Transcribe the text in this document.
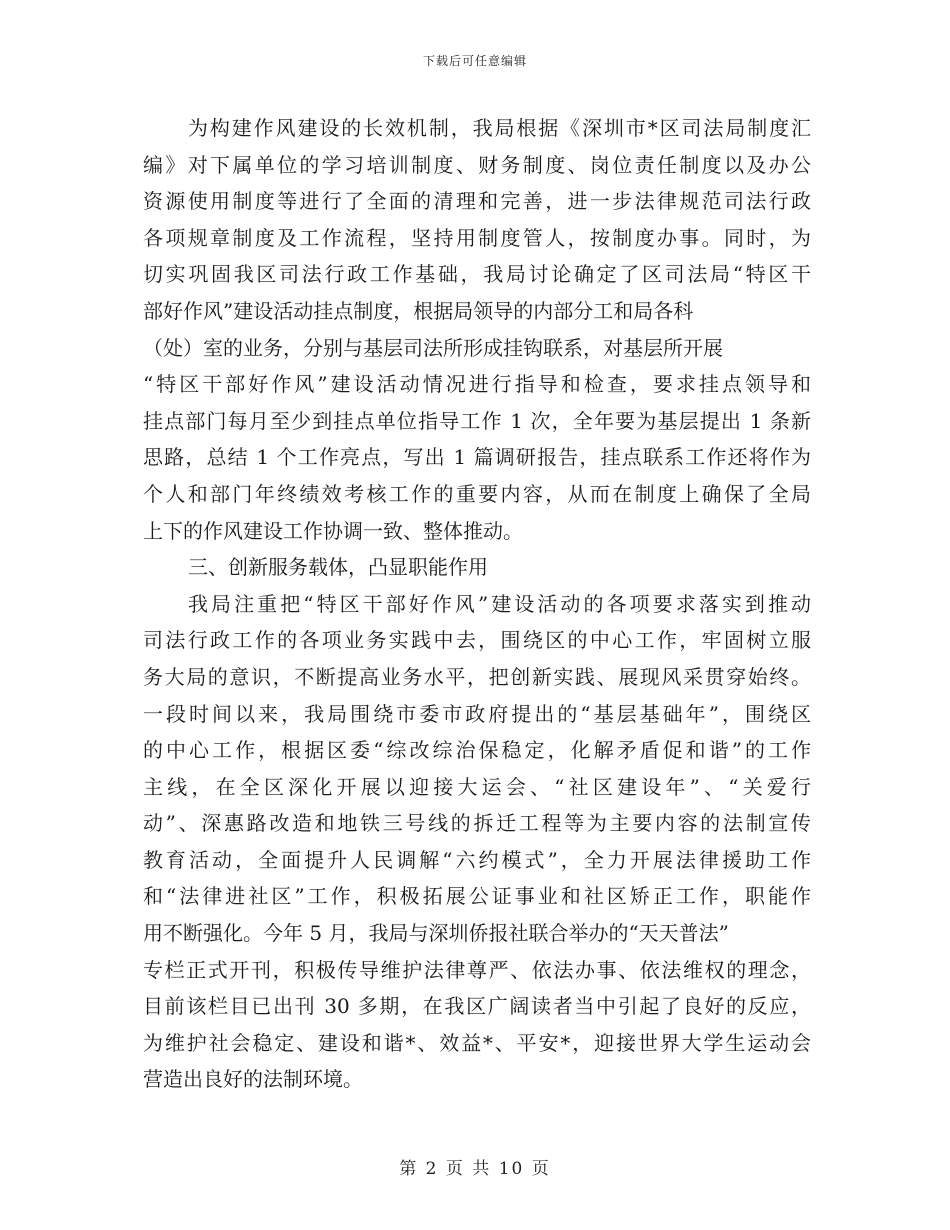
下载后可任意编辑
为构建作风建设的长效机制，我局根据《深圳市*区司法局制度汇
编》对下属单位的学习培训制度、财务制度、岗位责任制度以及办公
资源使用制度等进行了全面的清理和完善，进一步法律规范司法行政
各项规章制度及工作流程，坚持用制度管人，按制度办事。同时，为
切实巩固我区司法行政工作基础，我局讨论确定了区司法局“特区干
部好作风”建设活动挂点制度，根据局领导的内部分工和局各科
（处）室的业务，分别与基层司法所形成挂钩联系，对基层所开展
“特区干部好作风”建设活动情况进行指导和检查，要求挂点领导和
挂点部门每月至少到挂点单位指导工作 1 次，全年要为基层提出 1 条新
思路，总结 1 个工作亮点，写出 1 篇调研报告，挂点联系工作还将作为
个人和部门年终绩效考核工作的重要内容，从而在制度上确保了全局
上下的作风建设工作协调一致、整体推动。
三、创新服务载体，凸显职能作用
我局注重把“特区干部好作风”建设活动的各项要求落实到推动
司法行政工作的各项业务实践中去，围绕区的中心工作，牢固树立服
务大局的意识，不断提高业务水平，把创新实践、展现风采贯穿始终。
一段时间以来，我局围绕市委市政府提出的“基层基础年”，围绕区
的中心工作，根据区委“综改综治保稳定，化解矛盾促和谐”的工作
主线，在全区深化开展以迎接大运会、“社区建设年”、“关爱行
动”、深惠路改造和地铁三号线的拆迁工程等为主要内容的法制宣传
教育活动，全面提升人民调解“六约模式”，全力开展法律援助工作
和“法律进社区”工作，积极拓展公证事业和社区矫正工作，职能作
用不断强化。今年 5 月，我局与深圳侨报社联合举办的“天天普法”
专栏正式开刊，积极传导维护法律尊严、依法办事、依法维权的理念，
目前该栏目已出刊 30 多期，在我区广阔读者当中引起了良好的反应，
为维护社会稳定、建设和谐*、效益*、平安*，迎接世界大学生运动会
营造出良好的法制环境。
第 2 页 共 10 页
